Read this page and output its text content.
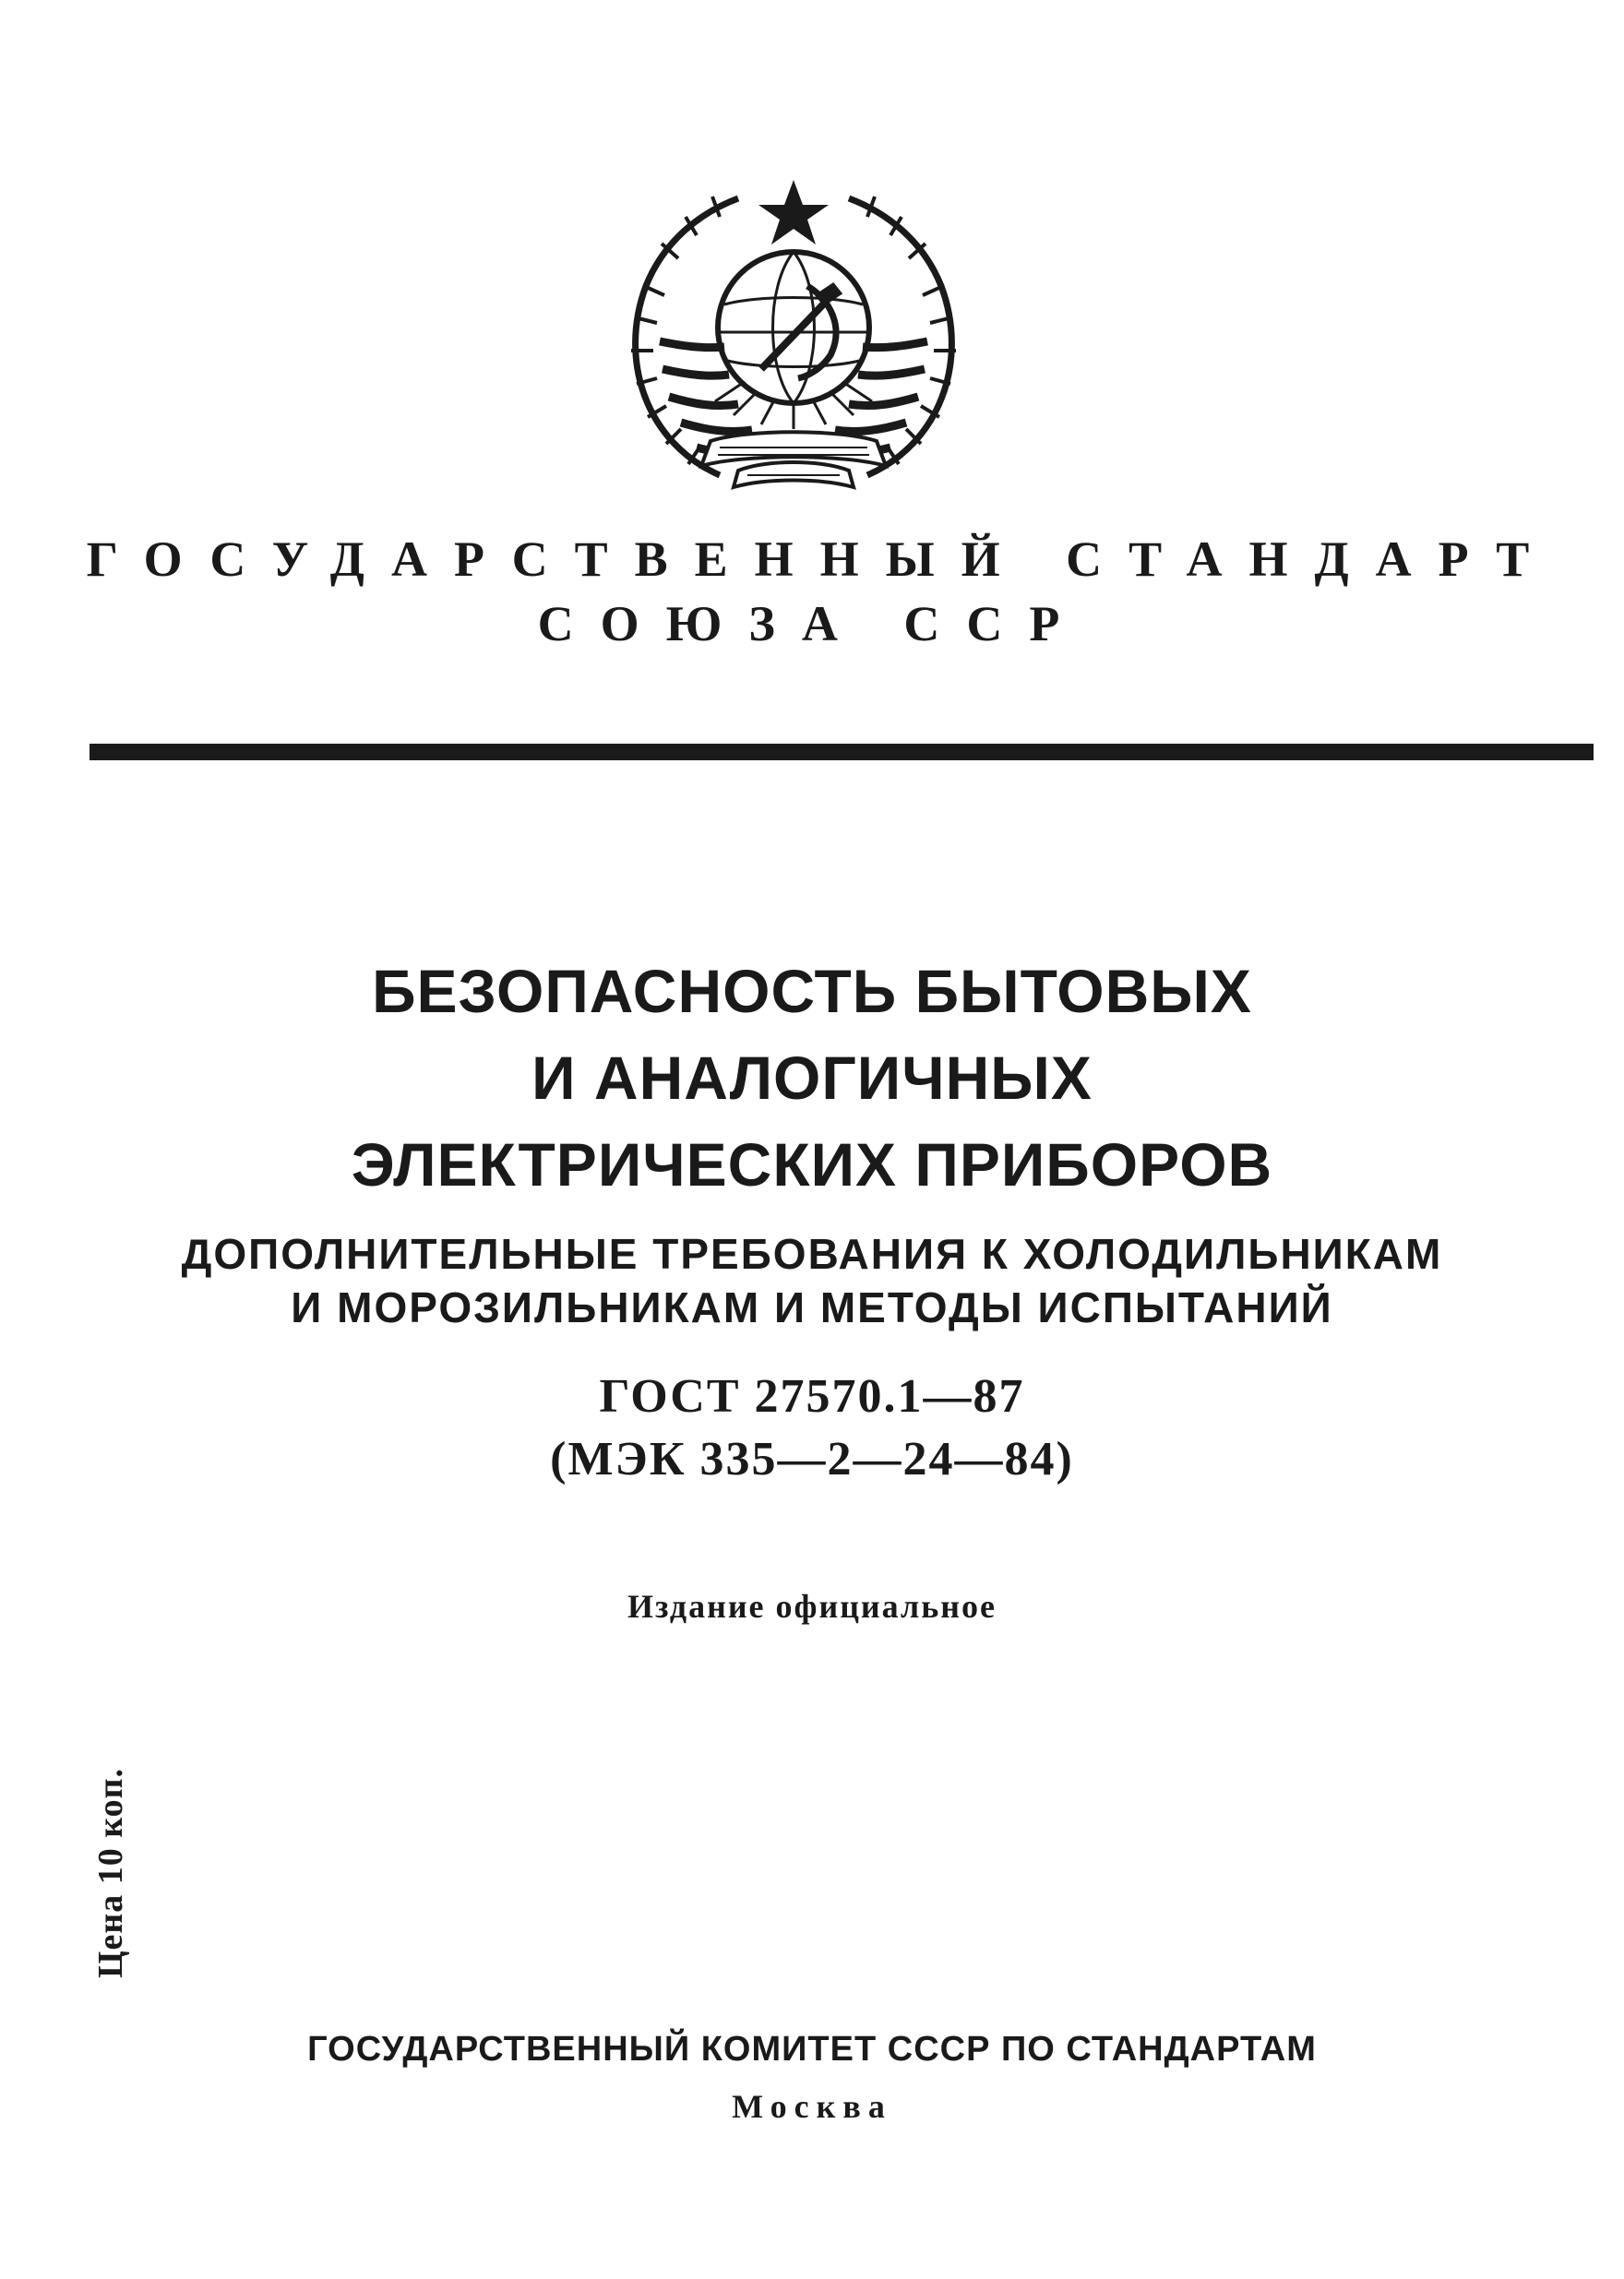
ГОСУДАРСТВЕННЫЙ СТАНДАРТ
СОЮЗА ССР
БЕЗОПАСНОСТЬ БЫТОВЫХ
И АНАЛОГИЧНЫХ
ЭЛЕКТРИЧЕСКИХ ПРИБОРОВ
ДОПОЛНИТЕЛЬНЫЕ ТРЕБОВАНИЯ К ХОЛОДИЛЬНИКАМ
И МОРОЗИЛЬНИКАМ И МЕТОДЫ ИСПЫТАНИЙ
ГОСТ 27570.1—87
(МЭК 335—2—24—84)
Издание официальное
Цена 10 коп.
ГОСУДАРСТВЕННЫЙ КОМИТЕТ СССР ПО СТАНДАРТАМ
Москва
